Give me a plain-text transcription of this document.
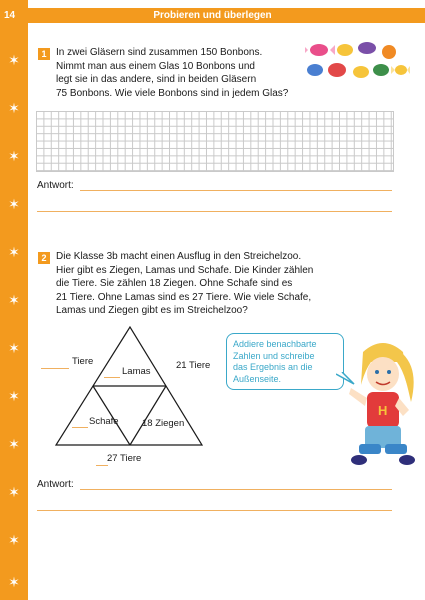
✶
✶
✶
✶
✶
✶
✶
✶
✶
✶
✶
✶
14	Probieren und überlegen
1 In zwei Gläsern sind zusammen 150 Bonbons.
Nimmt man aus einem Glas 10 Bonbons und
legt sie in das andere, sind in beiden Gläsern
75 Bonbons. Wie viele Bonbons sind in jedem Glas?
Antwort:
2 Die Klasse 3b macht einen Ausflug in den Streichelzoo.
Hier gibt es Ziegen, Lamas und Schafe. Die Kinder zählen
die Tiere. Sie zählen 18 Ziegen. Ohne Schafe sind es
21 Tiere. Ohne Lamas sind es 27 Tiere. Wie viele Schafe,
Lamas und Ziegen gibt es im Streichelzoo?
Tiere	21 Tiere
Lamas
Schafe 18 Ziegen
27 Tiere
Addiere benachbarte
Zahlen und schreibe
das Ergebnis an die
Außenseite.
H
Antwort:
